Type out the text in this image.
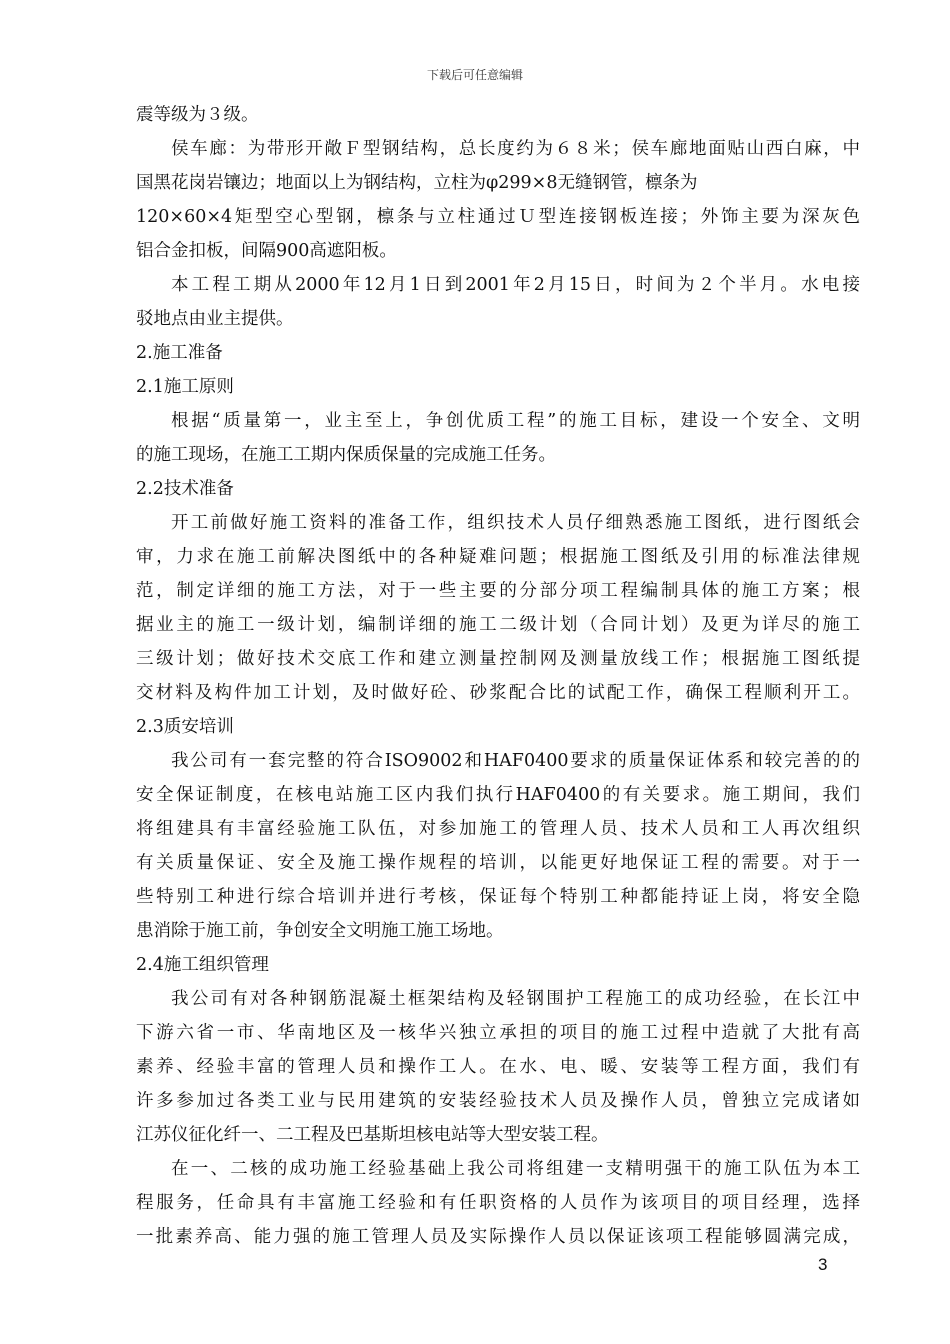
下载后可任意编辑
震等级为３级。
侯车廊：为带形开敞Ｆ型钢结构，总长度约为６８米；侯车廊地面贴山西白麻，中
国黑花岗岩镶边；地面以上为钢结构，立柱为φ299×8无缝钢管，檩条为
120×60×4矩型空心型钢，檩条与立柱通过Ｕ型连接钢板连接；外饰主要为深灰色
铝合金扣板，间隔900高遮阳板。
本工程工期从2000年12月1日到2001年2月15日，时间为２个半月。水电接
驳地点由业主提供。
2.施工准备
2.1施工原则
根据“质量第一，业主至上，争创优质工程”的施工目标，建设一个安全、文明
的施工现场，在施工工期内保质保量的完成施工任务。
2.2技术准备
开工前做好施工资料的准备工作，组织技术人员仔细熟悉施工图纸，进行图纸会
审，力求在施工前解决图纸中的各种疑难问题；根据施工图纸及引用的标准法律规
范，制定详细的施工方法，对于一些主要的分部分项工程编制具体的施工方案；根
据业主的施工一级计划，编制详细的施工二级计划（合同计划）及更为详尽的施工
三级计划；做好技术交底工作和建立测量控制网及测量放线工作；根据施工图纸提
交材料及构件加工计划，及时做好砼、砂浆配合比的试配工作，确保工程顺利开工。
2.3质安培训
我公司有一套完整的符合ISO9002和HAF0400要求的质量保证体系和较完善的的
安全保证制度，在核电站施工区内我们执行HAF0400的有关要求。施工期间，我们
将组建具有丰富经验施工队伍，对参加施工的管理人员、技术人员和工人再次组织
有关质量保证、安全及施工操作规程的培训，以能更好地保证工程的需要。对于一
些特别工种进行综合培训并进行考核，保证每个特别工种都能持证上岗，将安全隐
患消除于施工前，争创安全文明施工施工场地。
2.4施工组织管理
我公司有对各种钢筋混凝土框架结构及轻钢围护工程施工的成功经验，在长江中
下游六省一市、华南地区及一核华兴独立承担的项目的施工过程中造就了大批有高
素养、经验丰富的管理人员和操作工人。在水、电、暖、安装等工程方面，我们有
许多参加过各类工业与民用建筑的安装经验技术人员及操作人员，曾独立完成诸如
江苏仪征化纤一、二工程及巴基斯坦核电站等大型安装工程。
在一、二核的成功施工经验基础上我公司将组建一支精明强干的施工队伍为本工
程服务，任命具有丰富施工经验和有任职资格的人员作为该项目的项目经理，选择
一批素养高、能力强的施工管理人员及实际操作人员以保证该项工程能够圆满完成，
3
